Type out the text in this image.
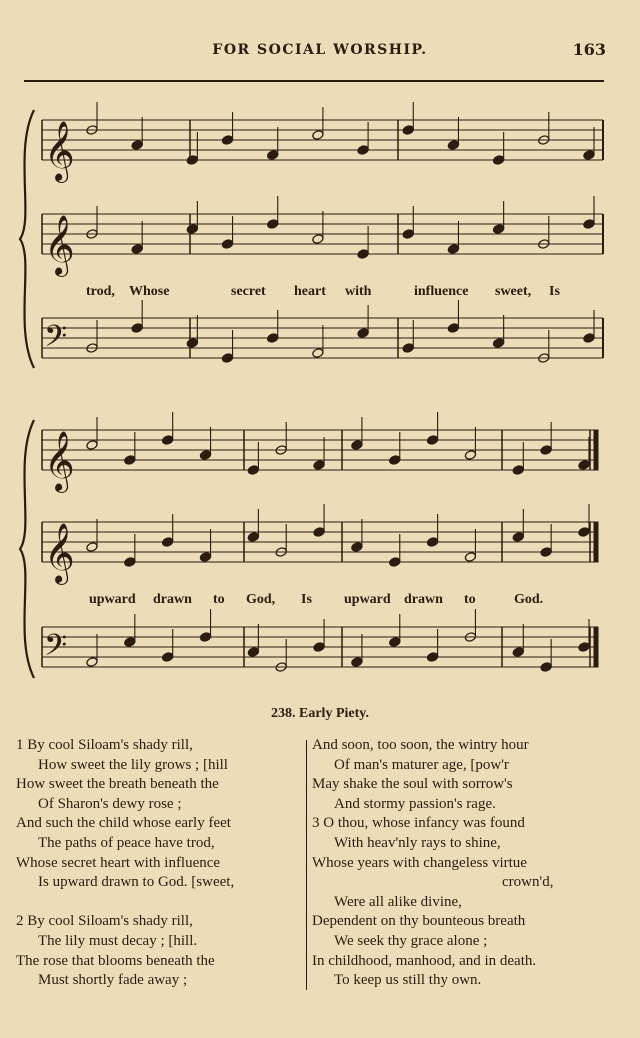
FOR SOCIAL WORSHIP.	163
𝄞
𝄞
𝄢
𝄞
𝄞
𝄢
trod, Whose	secret heart with	influence sweet, Is
upward drawn to God, Is upward drawn to	God.
238. Early Piety.
1 By cool Siloam's shady rill,
How sweet the lily grows ; [hill
How sweet the breath beneath the
Of Sharon's dewy rose ;
And such the child whose early feet
The paths of peace have trod,
Whose secret heart with influence
Is upward drawn to God. [sweet,
2 By cool Siloam's shady rill,
The lily must decay ; [hill.
The rose that blooms beneath the
Must shortly fade away ;
And soon, too soon, the wintry hour
Of man's maturer age, [pow'r
May shake the soul with sorrow's
And stormy passion's rage.
3 O thou, whose infancy was found
With heav'nly rays to shine,
Whose years with changeless virtue
crown'd,
Were all alike divine,
Dependent on thy bounteous breath
We seek thy grace alone ;
In childhood, manhood, and in death.
To keep us still thy own.
